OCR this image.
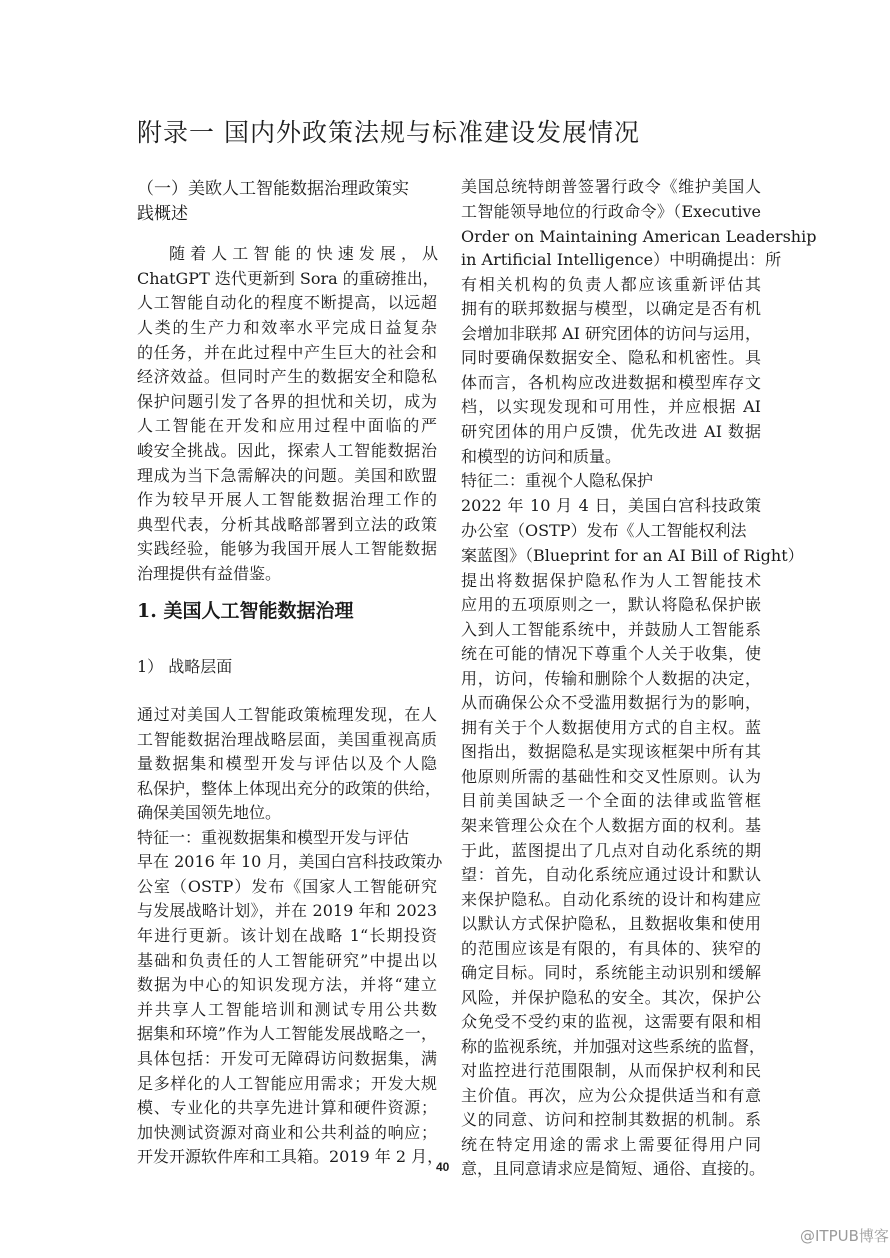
附录一 国内外政策法规与标准建设发展情况
（一）美欧人工智能数据治理政策实
践概述
随 着 人 工 智 能 的 快 速 发 展 ， 从
ChatGPT 迭代更新到 Sora 的重磅推出，
人工智能自动化的程度不断提高，以远超
人类的生产力和效率水平完成日益复杂
的任务，并在此过程中产生巨大的社会和
经济效益。但同时产生的数据安全和隐私
保护问题引发了各界的担忧和关切，成为
人工智能在开发和应用过程中面临的严
峻安全挑战。因此，探索人工智能数据治
理成为当下急需解决的问题。美国和欧盟
作为较早开展人工智能数据治理工作的
典型代表，分析其战略部署到立法的政策
实践经验，能够为我国开展人工智能数据
治理提供有益借鉴。
1. 美国人工智能数据治理
1） 战略层面
通过对美国人工智能政策梳理发现，在人
工智能数据治理战略层面，美国重视高质
量数据集和模型开发与评估以及个人隐
私保护，整体上体现出充分的政策的供给，
确保美国领先地位。
特征一：重视数据集和模型开发与评估
早在 2016 年 10 月，美国白宫科技政策办
公室（OSTP）发布《国家人工智能研究
与发展战略计划》，并在 2019 年和 2023
年进行更新。该计划在战略 1“长期投资
基础和负责任的人工智能研究”中提出以
数据为中心的知识发现方法，并将“建立
并共享人工智能培训和测试专用公共数
据集和环境”作为人工智能发展战略之一，
具体包括：开发可无障碍访问数据集，满
足多样化的人工智能应用需求；开发大规
模、专业化的共享先进计算和硬件资源；
加快测试资源对商业和公共利益的响应；
开发开源软件库和工具箱。2019 年 2 月，
美国总统特朗普签署行政令《维护美国人
工智能领导地位的行政命令》（Executive
Order on Maintaining American Leadership
in Artificial Intelligence）中明确提出：所
有相关机构的负责人都应该重新评估其
拥有的联邦数据与模型，以确定是否有机
会增加非联邦 AI 研究团体的访问与运用，
同时要确保数据安全、隐私和机密性。具
体而言，各机构应改进数据和模型库存文
档，以实现发现和可用性，并应根据 AI
研究团体的用户反馈，优先改进 AI 数据
和模型的访问和质量。
特征二：重视个人隐私保护
2022 年 10 月 4 日，美国白宫科技政策
办公室（OSTP）发布《人工智能权利法
案蓝图》（Blueprint for an AI Bill of Right）
提出将数据保护隐私作为人工智能技术
应用的五项原则之一，默认将隐私保护嵌
入到人工智能系统中，并鼓励人工智能系
统在可能的情况下尊重个人关于收集，使
用，访问，传输和删除个人数据的决定，
从而确保公众不受滥用数据行为的影响，
拥有关于个人数据使用方式的自主权。蓝
图指出，数据隐私是实现该框架中所有其
他原则所需的基础性和交叉性原则。认为
目前美国缺乏一个全面的法律或监管框
架来管理公众在个人数据方面的权利。基
于此，蓝图提出了几点对自动化系统的期
望：首先，自动化系统应通过设计和默认
来保护隐私。自动化系统的设计和构建应
以默认方式保护隐私，且数据收集和使用
的范围应该是有限的，有具体的、狭窄的
确定目标。同时，系统能主动识别和缓解
风险，并保护隐私的安全。其次，保护公
众免受不受约束的监视，这需要有限和相
称的监视系统，并加强对这些系统的监督，
对监控进行范围限制，从而保护权利和民
主价值。再次，应为公众提供适当和有意
义的同意、访问和控制其数据的机制。系
统在特定用途的需求上需要征得用户同
意，且同意请求应是简短、通俗、直接的。
40
@ITPUB博客
